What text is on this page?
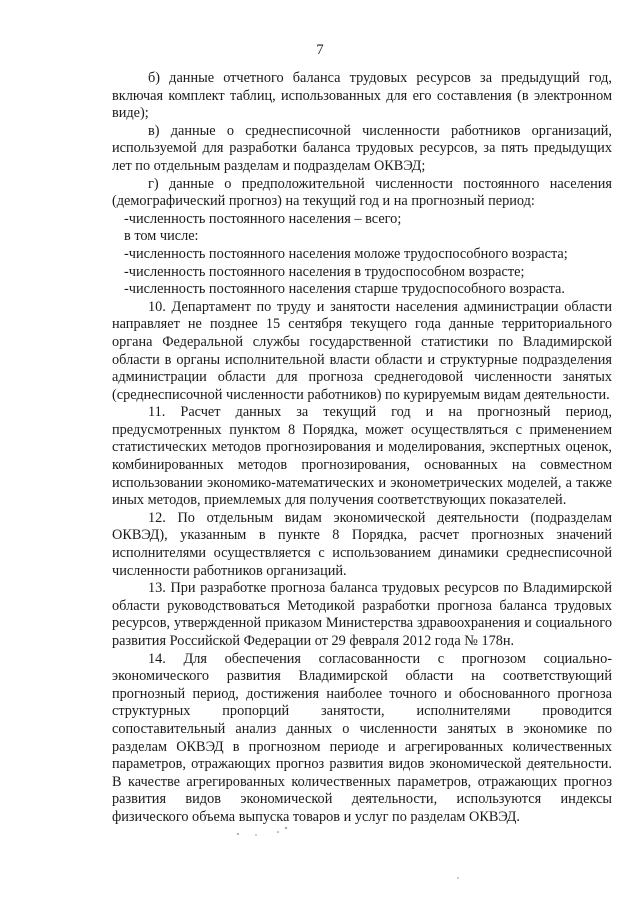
7

б) данные отчетного баланса трудовых ресурсов за предыдущий год, включая комплект таблиц, использованных для его составления (в электронном виде);

в) данные о среднесписочной численности работников организаций, используемой для разработки баланса трудовых ресурсов, за пять предыдущих лет по отдельным разделам и подразделам ОКВЭД;

г) данные о предположительной численности постоянного населения (демографический прогноз) на текущий год и на прогнозный период:

-численность постоянного населения – всего;

в том числе:

-численность постоянного населения моложе трудоспособного возраста;

-численность постоянного населения в трудоспособном возрасте;

-численность постоянного населения старше трудоспособного возраста.

10. Департамент по труду и занятости населения администрации области направляет не позднее 15 сентября текущего года данные территориального органа Федеральной службы государственной статистики по Владимирской области в органы исполнительной власти области и структурные подразделения администрации области для прогноза среднегодовой численности занятых (среднесписочной численности работников) по курируемым видам деятельности.

11. Расчет данных за текущий год и на прогнозный период, предусмотренных пунктом 8 Порядка, может осуществляться с применением статистических методов прогнозирования и моделирования, экспертных оценок, комбинированных методов прогнозирования, основанных на совместном использовании экономико-математических и эконометрических моделей, а также иных методов, приемлемых для получения соответствующих показателей.

12. По отдельным видам экономической деятельности (подразделам ОКВЭД), указанным в пункте 8 Порядка, расчет прогнозных значений исполнителями осуществляется с использованием динамики среднесписочной численности работников организаций.

13. При разработке прогноза баланса трудовых ресурсов по Владимирской области руководствоваться Методикой разработки прогноза баланса трудовых ресурсов, утвержденной приказом Министерства здравоохранения и социального развития Российской Федерации от 29 февраля 2012 года № 178н.

14. Для обеспечения согласованности с прогнозом социально-экономического развития Владимирской области на соответствующий прогнозный период, достижения наиболее точного и обоснованного прогноза структурных пропорций занятости, исполнителями проводится сопоставительный анализ данных о численности занятых в экономике по разделам ОКВЭД в прогнозном периоде и агрегированных количественных параметров, отражающих прогноз развития видов экономической деятельности. В качестве агрегированных количественных параметров, отражающих прогноз развития видов экономической деятельности, используются индексы физического объема выпуска товаров и услуг по разделам ОКВЭД.
